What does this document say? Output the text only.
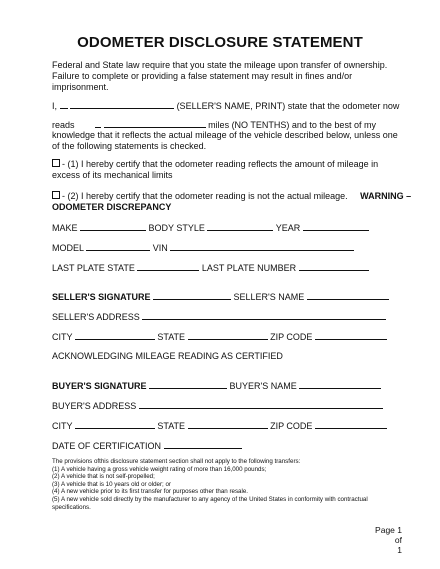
ODOMETER DISCLOSURE STATEMENT
Federal and State law require that you state the mileage upon transfer of ownership.
Failure to complete or providing a false statement may result in fines and/or
imprisonment.
I,	(SELLER'S NAME, PRINT) state that the odometer now
reads	miles (NO TENTHS) and to the best of my
knowledge that it reflects the actual mileage of the vehicle described below, unless one
of the following statements is checked.
- (1) I hereby certify that the odometer reading reflects the amount of mileage in
excess of its mechanical limits
- (2) I hereby certify that the odometer reading is not the actual mileage. WARNING –
ODOMETER DISCREPANCY
MAKE	BODY STYLE	YEAR
MODEL	VIN
LAST PLATE STATE	LAST PLATE NUMBER
SELLER'S SIGNATURE	SELLER'S NAME
SELLER'S ADDRESS
CITY	STATE	ZIP CODE
ACKNOWLEDGING MILEAGE READING AS CERTIFIED
BUYER'S SIGNATURE	BUYER'S NAME
BUYER'S ADDRESS
CITY	STATE	ZIP CODE
DATE OF CERTIFICATION
The provisions ofthis disclosure statement section shall not apply to the following transfers:
(1) A vehicle having a gross vehicle weight rating of more than 16,000 pounds;
(2) A vehicle that is not self-propelled;
(3) A vehicle that is 10 years old or older; or
(4) A new vehicle prior to its first transfer for purposes other than resale.
(5) A new vehicle sold directly by the manufacturer to any agency of the United States in conformity with contractual
specifications.
Page 1 of
1
